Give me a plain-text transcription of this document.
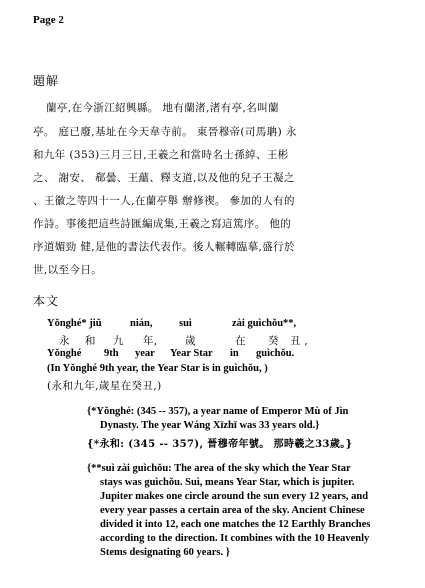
Page 2
題解
蘭亭,在今浙江紹興縣。 地有蘭渚,渚有亭,名叫蘭
亭。 庭已廢,基址在今天韋寺前。 東晉穆帝(司馬聃) 永
和九年 (353)三月三日,王羲之和當時名士孫綽、王彬
之、 謝安、 郗曇、王蘊、釋支道,以及他的兒子王凝之
、王徽之等四十一人,在蘭亭舉 辦修禊。 參加的人有的
作詩。事後把這些詩匯編成集,王羲之寫這篤序。 他的
序道媚勁 健,是他的書法代表作。後人輾轉臨摹,盛行於
世,以至今日。
本文
Yǒnghé* jiǔ	nián,	suì	zài guìchǒu**,
永 和 九 年,	歲	在 癸 丑,
Yǒnghé 9th year Year Star in guìchǒu.
(In Yǒnghé 9th year, the Year Star is in guìchǒu, )
(永和九年,歲星在癸丑,)
{*Yǒnghé: (345 -- 357), a year name of Emperor Mù of Jìn
Dynasty. The year Wáng Xīzhī was 33 years old.}
{*永和: (345 -- 357), 晉穆帝年號。 那時羲之33歲。}
{**suì zài guìchǒu: The area of the sky which the Year Star
stays was guìchǒu. Suì, means Year Star, which is jupiter.
Jupiter makes one circle around the sun every 12 years, and
every year passes a certain area of the sky. Ancient Chinese
divided it into 12, each one matches the 12 Earthly Branches
according to the direction. It combines with the 10 Heavenly
Stems designating 60 years. }
